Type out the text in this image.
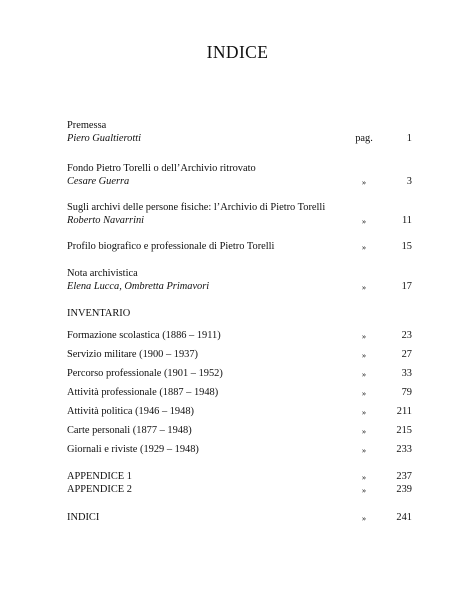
INDICE
Premessa
Piero Gualtierotti	pag.	1
Fondo Pietro Torelli o dell’Archivio ritrovato
Cesare Guerra	»	3
Sugli archivi delle persone fisiche: l’Archivio di Pietro Torelli
Roberto Navarrini	»	11
Profilo biografico e professionale di Pietro Torelli	»	15
Nota archivistica
Elena Lucca, Ombretta Primavori	»	17
INVENTARIO
Formazione scolastica (1886 – 1911)	»	23
Servizio militare (1900 – 1937)	»	27
Percorso professionale (1901 – 1952)	»	33
Attività professionale (1887 – 1948)	»	79
Attività politica (1946 – 1948)	»	211
Carte personali (1877 – 1948)	»	215
Giornali e riviste (1929 – 1948)	»	233
APPENDICE 1	»	237
APPENDICE 2	»	239
INDICI	»	241
